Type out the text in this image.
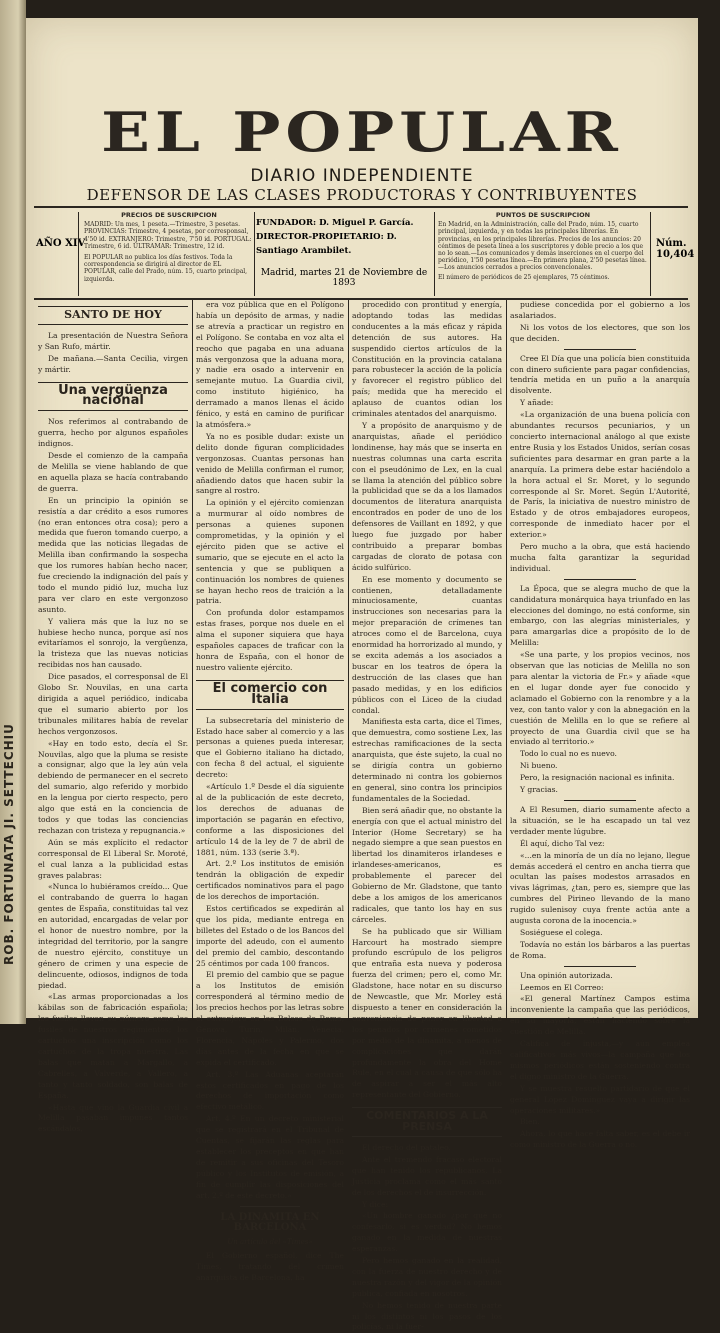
ROB. FORTUNATA JI. SETTECHIU
EL POPULAR
DIARIO INDEPENDIENTE
DEFENSOR DE LAS CLASES PRODUCTORAS Y CONTRIBUYENTES
AÑO XIV
PRECIOS DE SUSCRIPCION
MADRID: Un mes, 1 peseta.—Trimestre, 3 pesetas. PROVINCIAS: Trimestre, 4 pesetas, por corresponsal, 4'50 id. EXTRANJERO: Trimestre, 7'50 id. PORTUGAL: Trimestre, 6 id. ULTRAMAR: Trimestre, 12 id.
El POPULAR no publica los días festivos. Toda la correspondencia se dirigirá al director de EL POPULAR, calle del Prado, núm. 15, cuarto principal, izquierda.
FUNDADOR: D. Miguel P. García.
DIRECTOR-PROPIETARIO: D. Santiago Arambilet.
Madrid, martes 21 de Noviembre de 1893
PUNTOS DE SUSCRIPCION
En Madrid, en la Administración, calle del Prado, núm. 15, cuarto principal, izquierda, y en todas las principales librerías. En provincias, en los principales librerías. Precios de los anuncios: 20 céntimos de peseta línea a los suscriptores y doble precio a los que no lo sean.—Los comunicados y demás inserciones en el cuerpo del periódico, 1'50 pesetas línea.—En primera plana, 2'50 pesetas línea.—Los anuncios cerrados a precios convencionales.
El número de periódicos de 25 ejemplares, 75 céntimos.
Núm. 10,404
SANTO DE HOY

La presentación de Nuestra Señora y San Rufo, mártir.

De mañana.—Santa Cecilia, virgen y mártir.

Una vergüenza nacional

Nos referimos al contrabando de guerra, hecho por algunos españoles indignos.

Desde el comienzo de la campaña de Melilla se viene hablando de que en aquella plaza se hacía contrabando de guerra.

En un principio la opinión se resistía a dar crédito a esos rumores (no eran entonces otra cosa); pero a medida que fueron tomando cuerpo, a medida que las noticias llegadas de Melilla iban confirmando la sospecha que los rumores habían hecho nacer, fue creciendo la indignación del país y todo el mundo pidió luz, mucha luz para ver claro en este vergonzoso asunto.

Y valiera más que la luz no se hubiese hecho nunca, porque así nos evitaríamos el sonrojo, la vergüenza, la tristeza que las nuevas noticias recibidas nos han causado.

Dice pasados, el corresponsal de El Globo Sr. Nouvilas, en una carta dirigida a aquel periódico, indicaba que el sumario abierto por los tribunales militares había de revelar hechos vergonzosos.

«Hay en todo esto, decía el Sr. Nouvilas, algo que la pluma se resiste a consignar, algo que la ley aún vela debiendo de permanecer en el secreto del sumario, algo referido y morbido en la lengua por cierto respecto, pero algo que está en la conciencia de todos y que todas las conciencias rechazan con tristeza y repugnancia.»

Aún se más explícito el redactor corresponsal de El Liberal Sr. Moroté, el cual lanza a la publicidad estas graves palabras:

«Nunca lo hubiéramos creído... Que el contrabando de guerra lo hagan gentes de España, constituidas tal vez en autoridad, encargadas de velar por el honor de nuestro nombre, por la integridad del territorio, por la sangre de nuestro ejército, constituye un género de crimen y una especie de delincuente, odiosos, indignos de toda piedad.

«Las armas proporcionadas a los kábilas son de fabricación española; los fusiles llevan su número como los fusiles de nuestros regimientos; los cartuchos una inscripción como los cartuchos de la tropa nuestra. Las balas que matan a Margallo, a Cabrelles, a Valverde, a Vallero, a tanto y tanto soldado, son balas de España.

«Hasta que vino la Guardia civil a Melilla pasaban impunes tantos escándalos,

era voz pública que en el Polígono había un depósito de armas, y nadie se atrevía a practicar un registro en el Polígono. Se contaba en voz alta el reocho que pagaba en una aduana más vergonzosa que la aduana mora, y nadie era osado a intervenir en semejante mutuo. La Guardia civil, como instituto higiénico, ha derramado a manos llenas el ácido fénico, y está en camino de purificar la atmósfera.»

Ya no es posible dudar: existe un delito donde figuran complicidades vergonzosas. Cuantas personas han venido de Melilla confirman el rumor, añadiendo datos que hacen subir la sangre al rostro.

La opinión y el ejército comienzan a murmurar al oído nombres de personas a quienes suponen comprometidas, y la opinión y el ejército piden que se active el sumario, que se ejecute en el acto la sentencia y que se publiquen a continuación los nombres de quienes se hayan hecho reos de traición a la patria.

Con profunda dolor estampamos estas frases, porque nos duele en el alma el suponer siquiera que haya españoles capaces de traficar con la honra de España, con el honor de nuestro valiente ejército.

El comercio con Italia

La subsecretaría del ministerio de Estado hace saber al comercio y a las personas a quienes pueda interesar, que el Gobierno italiano ha dictado, con fecha 8 del actual, el siguiente decreto:

«Artículo 1.º Desde el día siguiente al de la publicación de este decreto, los derechos de aduanas de importación se pagarán en efectivo, conforme a las disposiciones del artículo 14 de la ley de 7 de abril de 1881, núm. 133 (serie 3.ª).

Art. 2.º Los institutos de emisión tendrán la obligación de expedir certificados nominativos para el pago de los derechos de importación.

Estos certificados se expedirán al que los pida, mediante entrega en billetes del Estado o de los Bancos del importe del adeudo, con el aumento del premio del cambio, descontando 25 céntimos por cada 100 francos.

El premio del cambio que se pague a los Institutos de emisión corresponderá al término medio de los precios hechos por las letras sobre el extranjero en las Bolsas de Roma, Génova, Turín, Milán, Venecia, Florencia, Nápoles y Palermo, dos días antes de la fecha en que se expida el certificado.

Art. 3.º Las Aduanas aceptarán estos certificados en pago de los derechos de importación como efectivo metálico.

Art. 4.º En un decreto ministerial que se registrará en el Tribunal de Cuentas, se fijarán las reglas para establecer los preceptos en que han de remitir a sus oficinas del Tesoro público y los Institutos de emisión, a fin de cumplir las disposiciones del art. 2.º de este decreto.»

LA DINAMITA EN BARCELONA
Un artículo del «Times»

El Gobierno español, dice The Times, tratando del crimen anarquista de Barcelona, ha

procedido con prontitud y energía, adoptando todas las medidas conducentes a la más eficaz y rápida detención de sus autores. Ha suspendido ciertos artículos de la Constitución en la provincia catalana para robustecer la acción de la policía y favorecer el registro público del país; medida que ha merecido el aplauso de cuantos odian los criminales atentados del anarquismo.

Y a propósito de anarquismo y de anarquistas, añade el periódico londinense, hay más que se inserta en nuestras columnas una carta escrita con el pseudónimo de Lex, en la cual se llama la atención del público sobre la publicidad que se da a los llamados documentos de literatura anarquista encontrados en poder de uno de los defensores de Vaillant en 1892, y que luego fue juzgado por haber contribuido a preparar bombas cargadas de clorato de potasa con ácido sulfúrico.

En ese momento y documento se contienen, detalladamente minuciosamente, cuantas instrucciones son necesarias para la mejor preparación de crímenes tan atroces como el de Barcelona, cuya enormidad ha horrorizado al mundo, y se excita además a los asociados a buscar en los teatros de ópera la destrucción de las clases que han pasado medidas, y en los edificios públicos con el Liceo de la ciudad condal.

Manifiesta esta carta, dice el Times, que demuestra, como sostiene Lex, las estrechas ramificaciones de la secta anarquista, que éste sujeto, la cual no se dirigía contra un gobierno determinado ni contra los gobiernos en general, sino contra los principios fundamentales de la Sociedad.

Bien será añadir que, no obstante la energía con que el actual ministro del Interior (Home Secretary) se ha negado siempre a que sean puestos en libertad los dinamiteros irlandeses e irlandeses-americanos, es probablemente el parecer del Gobierno de Mr. Gladstone, que tanto debe a los amigos de los americanos radicales, que tanto los hay en sus cárceles.

Se ha publicado que sir William Harcourt ha mostrado siempre profundo escrúpulo de los peligros que entraña esta nueva y poderosa fuerza del crimen; pero el, como Mr. Gladstone, hace notar en su discurso de Newcastle, que Mr. Morley está dispuesto a tener en consideración la conveniencia de poner en libertad a los penados por crímenes cometidos por medio de la dinamita, a menos de complicaciones que darán profundamente la obra del Home Rule, en el cual a causa de que sólo ha de aspirar a ser el más alto representante del Gobierno.

COMENTARIOS A LA PRENSA

El derecho del pataleo.

Ante el tremendo fracaso electoral que han tenido los republicanos, La Justicia proclama como el más santo de los derechos el de insurrección.

Y dice:

«Un hombre ganado ¿por qué no confesarlo, si es verdad? No hemos ganado en la medida de nuestras esperanzas.

Pero hemos ganado en la realidad, con la fuerza de nuestro derecho y de nuestra razón y del vigor de la opinión pública, confiada en nosotros.

No hemos tenido de nuestra parte ni los distintos ni los pasos de los policías, ni la fuer-

pudiese concedida por el gobierno a los asalariados.

Ni los votos de los electores, que son los que deciden.

Cree El Día que una policía bien constituida con dinero suficiente para pagar confidencias, tendría metida en un puño a la anarquía disolvente.

Y añade:

«La organización de una buena policía con abundantes recursos pecuniarios, y un concierto internacional análogo al que existe entre Rusia y los Estados Unidos, serían cosas suficientes para desarmar en gran parte a la anarquía. La primera debe estar haciéndolo a la hora actual el Sr. Moret, y lo segundo corresponde al Sr. Moret. Según L'Autorité, de París, la iniciativa de nuestro ministro de Estado y de otros embajadores europeos, corresponde de inmediato hacer por el exterior.»

Pero mucho a la obra, que está haciendo mucha falta garantizar la seguridad individual.

La Época, que se alegra mucho de que la candidatura monárquica haya triunfado en las elecciones del domingo, no está conforme, sin embargo, con las alegrías ministeriales, y para amargarlas dice a propósito de lo de Melilla:

«Se una parte, y los propios vecinos, nos observan que las noticias de Melilla no son para alentar la victoria de Fr.» y añade «que en el lugar donde ayer fue conocido y aclamado el Gobierno con la renombre y a la vez, con tanto valor y con la abnegación en la cuestión de Melilla en lo que se refiere al proyecto de una Guardia civil que se ha enviado al territorio.»

Todo lo cual no es nuevo.

Ni bueno.

Pero, la resignación nacional es infinita.

Y gracias.

A El Resumen, diario sumamente afecto a la situación, se le ha escapado un tal vez verdader mente lúgubre.

Él aquí, dicho Tal vez:

«...en la minoría de un día no lejano, llegue demás accederá el centro en ancha tierra que ocultan las países modestos arrasados en vivas lágrimas, ¿tan, pero es, siempre que las cumbres del Pirineo llevando de la mano rugido sulenisoy cuya frente actúa ante a augusta corona de la inocencia.»

Sosiéguese el colega.

Todavía no están los bárbaros a las puertas de Roma.

Una opinión autorizada.

Leemos en El Correo:

«El general Martínez Campos estima inconveniente la campaña que las periódicos, en su mayoría, están haciendo sobre la cuestión de Melilla.

Califica de injusta,—y aún emplea calificativos más vivos—la campaña que los mismos periódicos están sosteniendo contra el digno ministro de la Guerra.

Y se muestra resuelto partidario de que el general López Domínguez vaya a dirigir las operaciones militares.»

Bien.

Ahora, lo que hace falta saber, es el debe ir como ministro de la Guerra o no.
